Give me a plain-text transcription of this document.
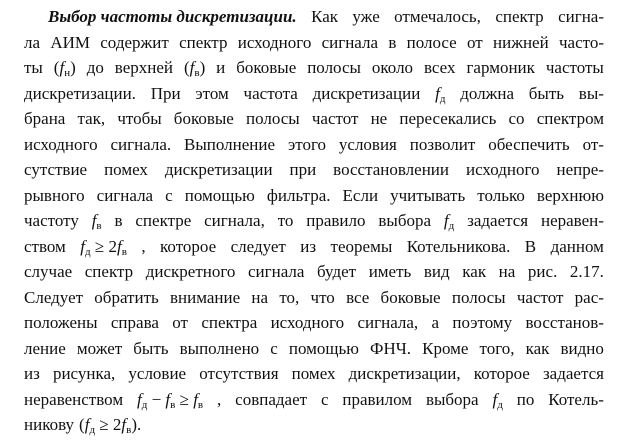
Выбор частоты дискретизации. Как уже отмечалось, спектр сигна-
ла АИМ содержит спектр исходного сигнала в полосе от нижней часто-
ты $(f_н)$ до верхней $(f_в)$ и боковые полосы около всех гармоник частоты
дискретизации. При этом частота дискретизации $f_д$ должна быть вы-
брана так, чтобы боковые полосы частот не пересекались со спектром
исходного сигнала. Выполнение этого условия позволит обеспечить от-
сутствие помех дискретизации при восстановлении исходного непре-
рывного сигнала с помощью фильтра. Если учитывать только верхнюю
частоту $f_в$ в спектре сигнала, то правило выбора $f_д$ задается неравен-
ством $f_д \ge 2f_в$ , которое следует из теоремы Котельникова. В данном
случае спектр дискретного сигнала будет иметь вид как на рис. 2.17.
Следует обратить внимание на то, что все боковые полосы частот рас-
положены справа от спектра исходного сигнала, а поэтому восстанов-
ление может быть выполнено с помощью ФНЧ. Кроме того, как видно
из рисунка, условие отсутствия помех дискретизации, которое задается
неравенством $f_д - f_в \ge f_в$ , совпадает с правилом выбора $f_д$ по Котель-
никову $(f_д \ge 2f_в)$.
